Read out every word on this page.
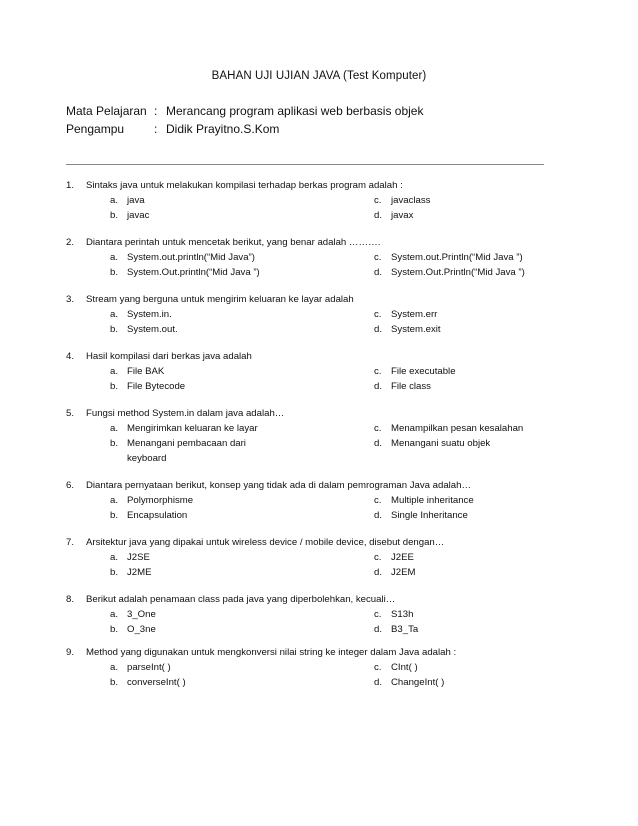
BAHAN UJI UJIAN JAVA (Test Komputer)
Mata Pelajaran : Merancang program aplikasi web berbasis objek
Pengampu : Didik Prayitno.S.Kom
1. Sintaks java untuk melakukan kompilasi terhadap berkas program adalah :
a. java
b. javac
c. javaclass
d. javax
2. Diantara perintah untuk mencetak berikut, yang benar adalah ……….
a. System.out.println(“Mid Java”)
b. System.Out.println(“Mid Java ”)
c. System.out.Println(“Mid Java ”)
d. System.Out.Println(“Mid Java ”)
3. Stream yang berguna untuk mengirim keluaran ke layar adalah
a. System.in.
b. System.out.
c. System.err
d. System.exit
4. Hasil kompilasi dari berkas java adalah
a. File BAK
b. File Bytecode
c. File executable
d. File class
5. Fungsi method System.in dalam java adalah…
a. Mengirimkan keluaran ke layar
b. Menangani pembacaan dari keyboard
c. Menampilkan pesan kesalahan
d. Menangani suatu objek
6. Diantara pernyataan berikut, konsep yang tidak ada di dalam pemrograman Java adalah…
a. Polymorphisme
b. Encapsulation
c. Multiple inheritance
d. Single Inheritance
7. Arsitektur java yang dipakai untuk wireless device / mobile device, disebut dengan…
a. J2SE
b. J2ME
c. J2EE
d. J2EM
8. Berikut adalah penamaan class pada java yang diperbolehkan, kecuali…
a. 3_One
b. O_3ne
c. S13h
d. B3_Ta
9. Method yang digunakan untuk mengkonversi nilai string ke integer dalam Java adalah :
a. parseInt( )
b. converseInt( )
c. CInt( )
d. ChangeInt( )
